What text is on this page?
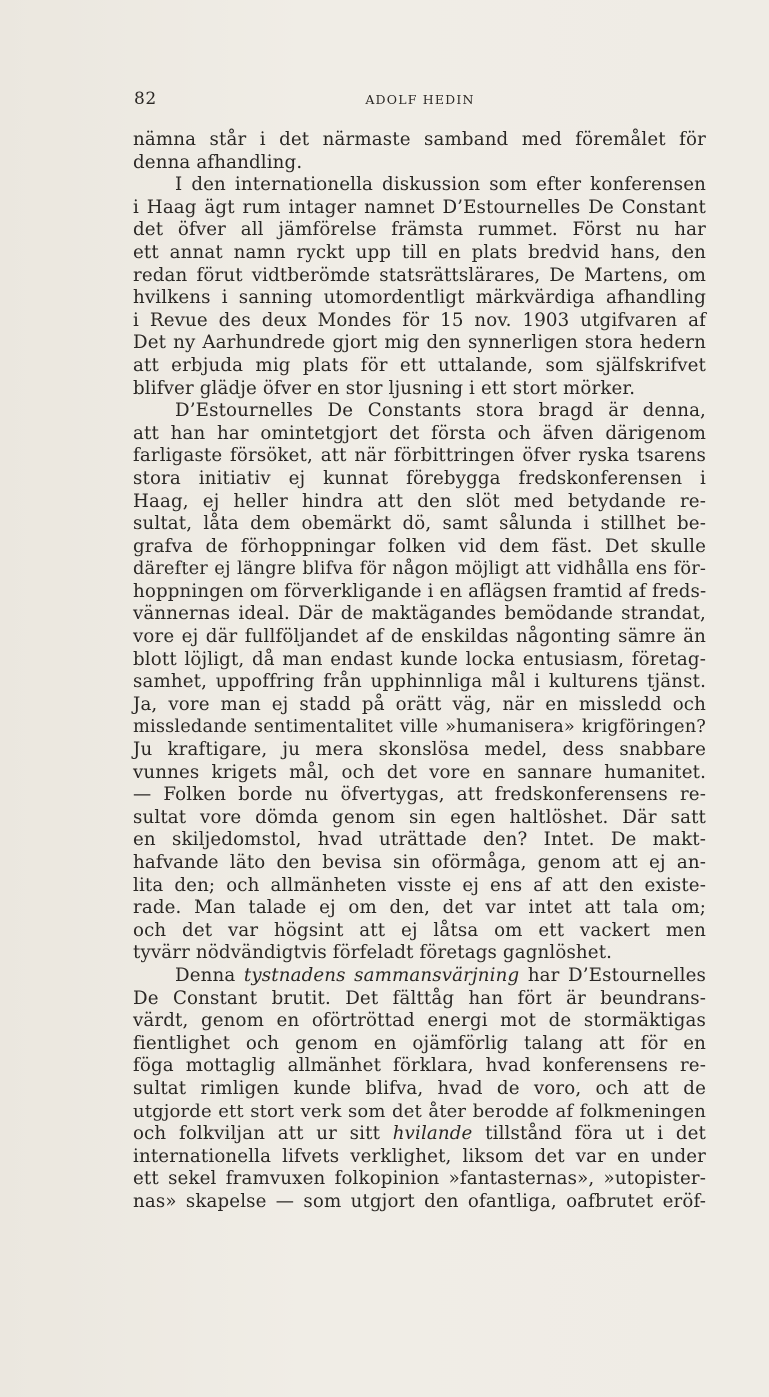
82	ADOLF HEDIN
nämna står i det närmaste samband med föremålet för
denna afhandling.
I den internationella diskussion som efter konferensen
i Haag ägt rum intager namnet D’Estournelles De Constant
det öfver all jämförelse främsta rummet. Först nu har
ett annat namn ryckt upp till en plats bredvid hans, den
redan förut vidtberömde statsrättslärares, De Martens, om
hvilkens i sanning utomordentligt märkvärdiga afhandling
i Revue des deux Mondes för 15 nov. 1903 utgifvaren af
Det ny Aarhundrede gjort mig den synnerligen stora hedern
att erbjuda mig plats för ett uttalande, som själfskrifvet
blifver glädje öfver en stor ljusning i ett stort mörker.
D’Estournelles De Constants stora bragd är denna,
att han har omintetgjort det första och äfven därigenom
farligaste försöket, att när förbittringen öfver ryska tsarens
stora initiativ ej kunnat förebygga fredskonferensen i
Haag, ej heller hindra att den slöt med betydande re-
sultat, låta dem obemärkt dö, samt sålunda i stillhet be-
grafva de förhoppningar folken vid dem fäst. Det skulle
därefter ej längre blifva för någon möjligt att vidhålla ens för-
hoppningen om förverkligande i en aflägsen framtid af freds-
vännernas ideal. Där de maktägandes bemödande strandat,
vore ej där fullföljandet af de enskildas någonting sämre än
blott löjligt, då man endast kunde locka entusiasm, företag-
samhet, uppoffring från upphinnliga mål i kulturens tjänst.
Ja, vore man ej stadd på orätt väg, när en missledd och
missledande sentimentalitet ville »humanisera» krigföringen?
Ju kraftigare, ju mera skonslösa medel, dess snabbare
vunnes krigets mål, och det vore en sannare humanitet.
— Folken borde nu öfvertygas, att fredskonferensens re-
sultat vore dömda genom sin egen haltlöshet. Där satt
en skiljedomstol, hvad uträttade den? Intet. De makt-
hafvande läto den bevisa sin oförmåga, genom att ej an-
lita den; och allmänheten visste ej ens af att den existe-
rade. Man talade ej om den, det var intet att tala om;
och det var högsint att ej låtsa om ett vackert men
tyvärr nödvändigtvis förfeladt företags gagnlöshet.
Denna tystnadens sammansvärjning har D’Estournelles
De Constant brutit. Det fälttåg han fört är beundrans-
värdt, genom en oförtröttad energi mot de stormäktigas
fientlighet och genom en ojämförlig talang att för en
föga mottaglig allmänhet förklara, hvad konferensens re-
sultat rimligen kunde blifva, hvad de voro, och att de
utgjorde ett stort verk som det åter berodde af folkmeningen
och folkviljan att ur sitt hvilande tillstånd föra ut i det
internationella lifvets verklighet, liksom det var en under
ett sekel framvuxen folkopinion »fantasternas», »utopister-
nas» skapelse — som utgjort den ofantliga, oafbrutet eröf-
